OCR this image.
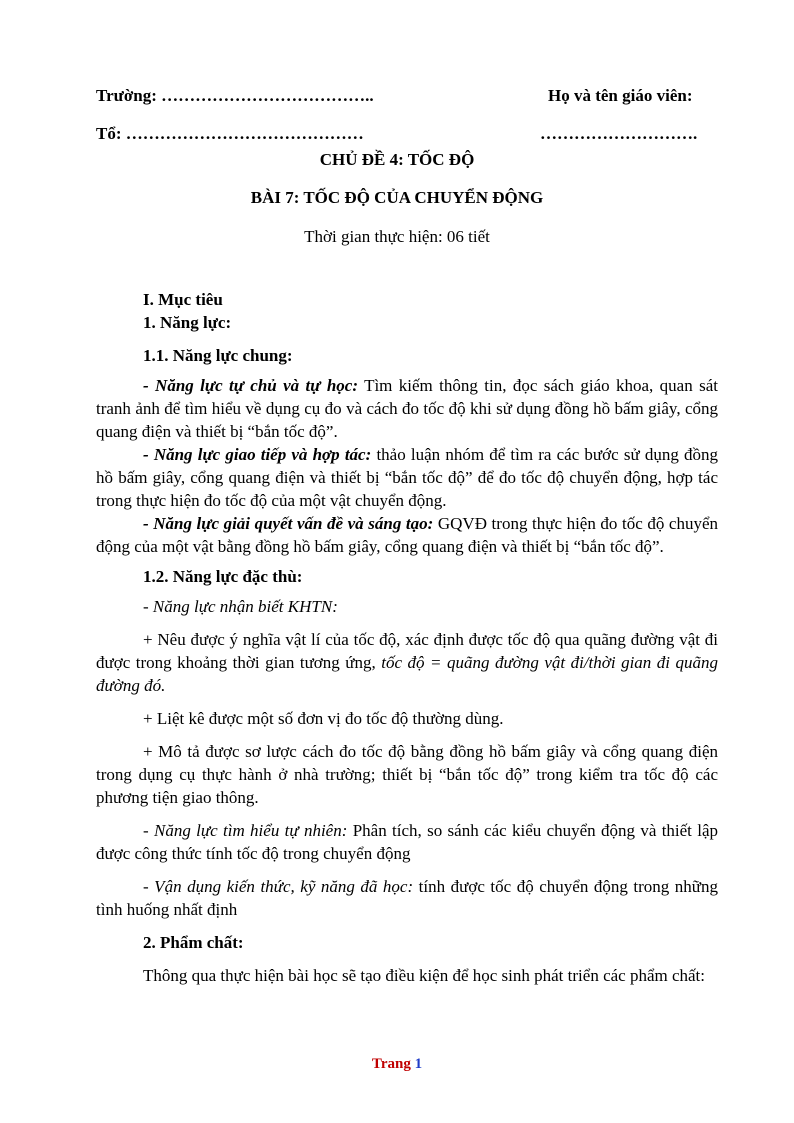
Trường: ………………………………..	Họ và tên giáo viên:
Tổ: ……………………………………	……………………….
CHỦ ĐỀ 4: TỐC ĐỘ
BÀI 7: TỐC ĐỘ CỦA CHUYỂN ĐỘNG
Thời gian thực hiện: 06 tiết

I. Mục tiêu

1. Năng lực:

1.1. Năng lực chung:

- Năng lực tự chủ và tự học: Tìm kiếm thông tin, đọc sách giáo khoa, quan sát tranh ảnh để tìm hiểu về dụng cụ đo và cách đo tốc độ khi sử dụng đồng hồ bấm giây, cổng quang điện và thiết bị “bắn tốc độ”.

- Năng lực giao tiếp và hợp tác: thảo luận nhóm để tìm ra các bước sử dụng đồng hồ bấm giây, cổng quang điện và thiết bị “bắn tốc độ” để đo tốc độ chuyển động, hợp tác trong thực hiện đo tốc độ của một vật chuyển động.

- Năng lực giải quyết vấn đề và sáng tạo: GQVĐ trong thực hiện đo tốc độ chuyển động của một vật bằng đồng hồ bấm giây, cổng quang điện và thiết bị “bắn tốc độ”.

1.2. Năng lực đặc thù:

- Năng lực nhận biết KHTN:

+ Nêu được ý nghĩa vật lí của tốc độ, xác định được tốc độ qua quãng đường vật đi được trong khoảng thời gian tương ứng, tốc độ = quãng đường vật đi/thời gian đi quãng đường đó.

+ Liệt kê được một số đơn vị đo tốc độ thường dùng.

+ Mô tả được sơ lược cách đo tốc độ bằng đồng hồ bấm giây và cổng quang điện trong dụng cụ thực hành ở nhà trường; thiết bị “bắn tốc độ” trong kiểm tra tốc độ các phương tiện giao thông.

- Năng lực tìm hiểu tự nhiên: Phân tích, so sánh các kiểu chuyển động và thiết lập được công thức tính tốc độ trong chuyển động

- Vận dụng kiến thức, kỹ năng đã học: tính được tốc độ chuyển động trong những tình huống nhất định

2. Phẩm chất:

Thông qua thực hiện bài học sẽ tạo điều kiện để học sinh phát triển các phẩm chất:

Trang 1
